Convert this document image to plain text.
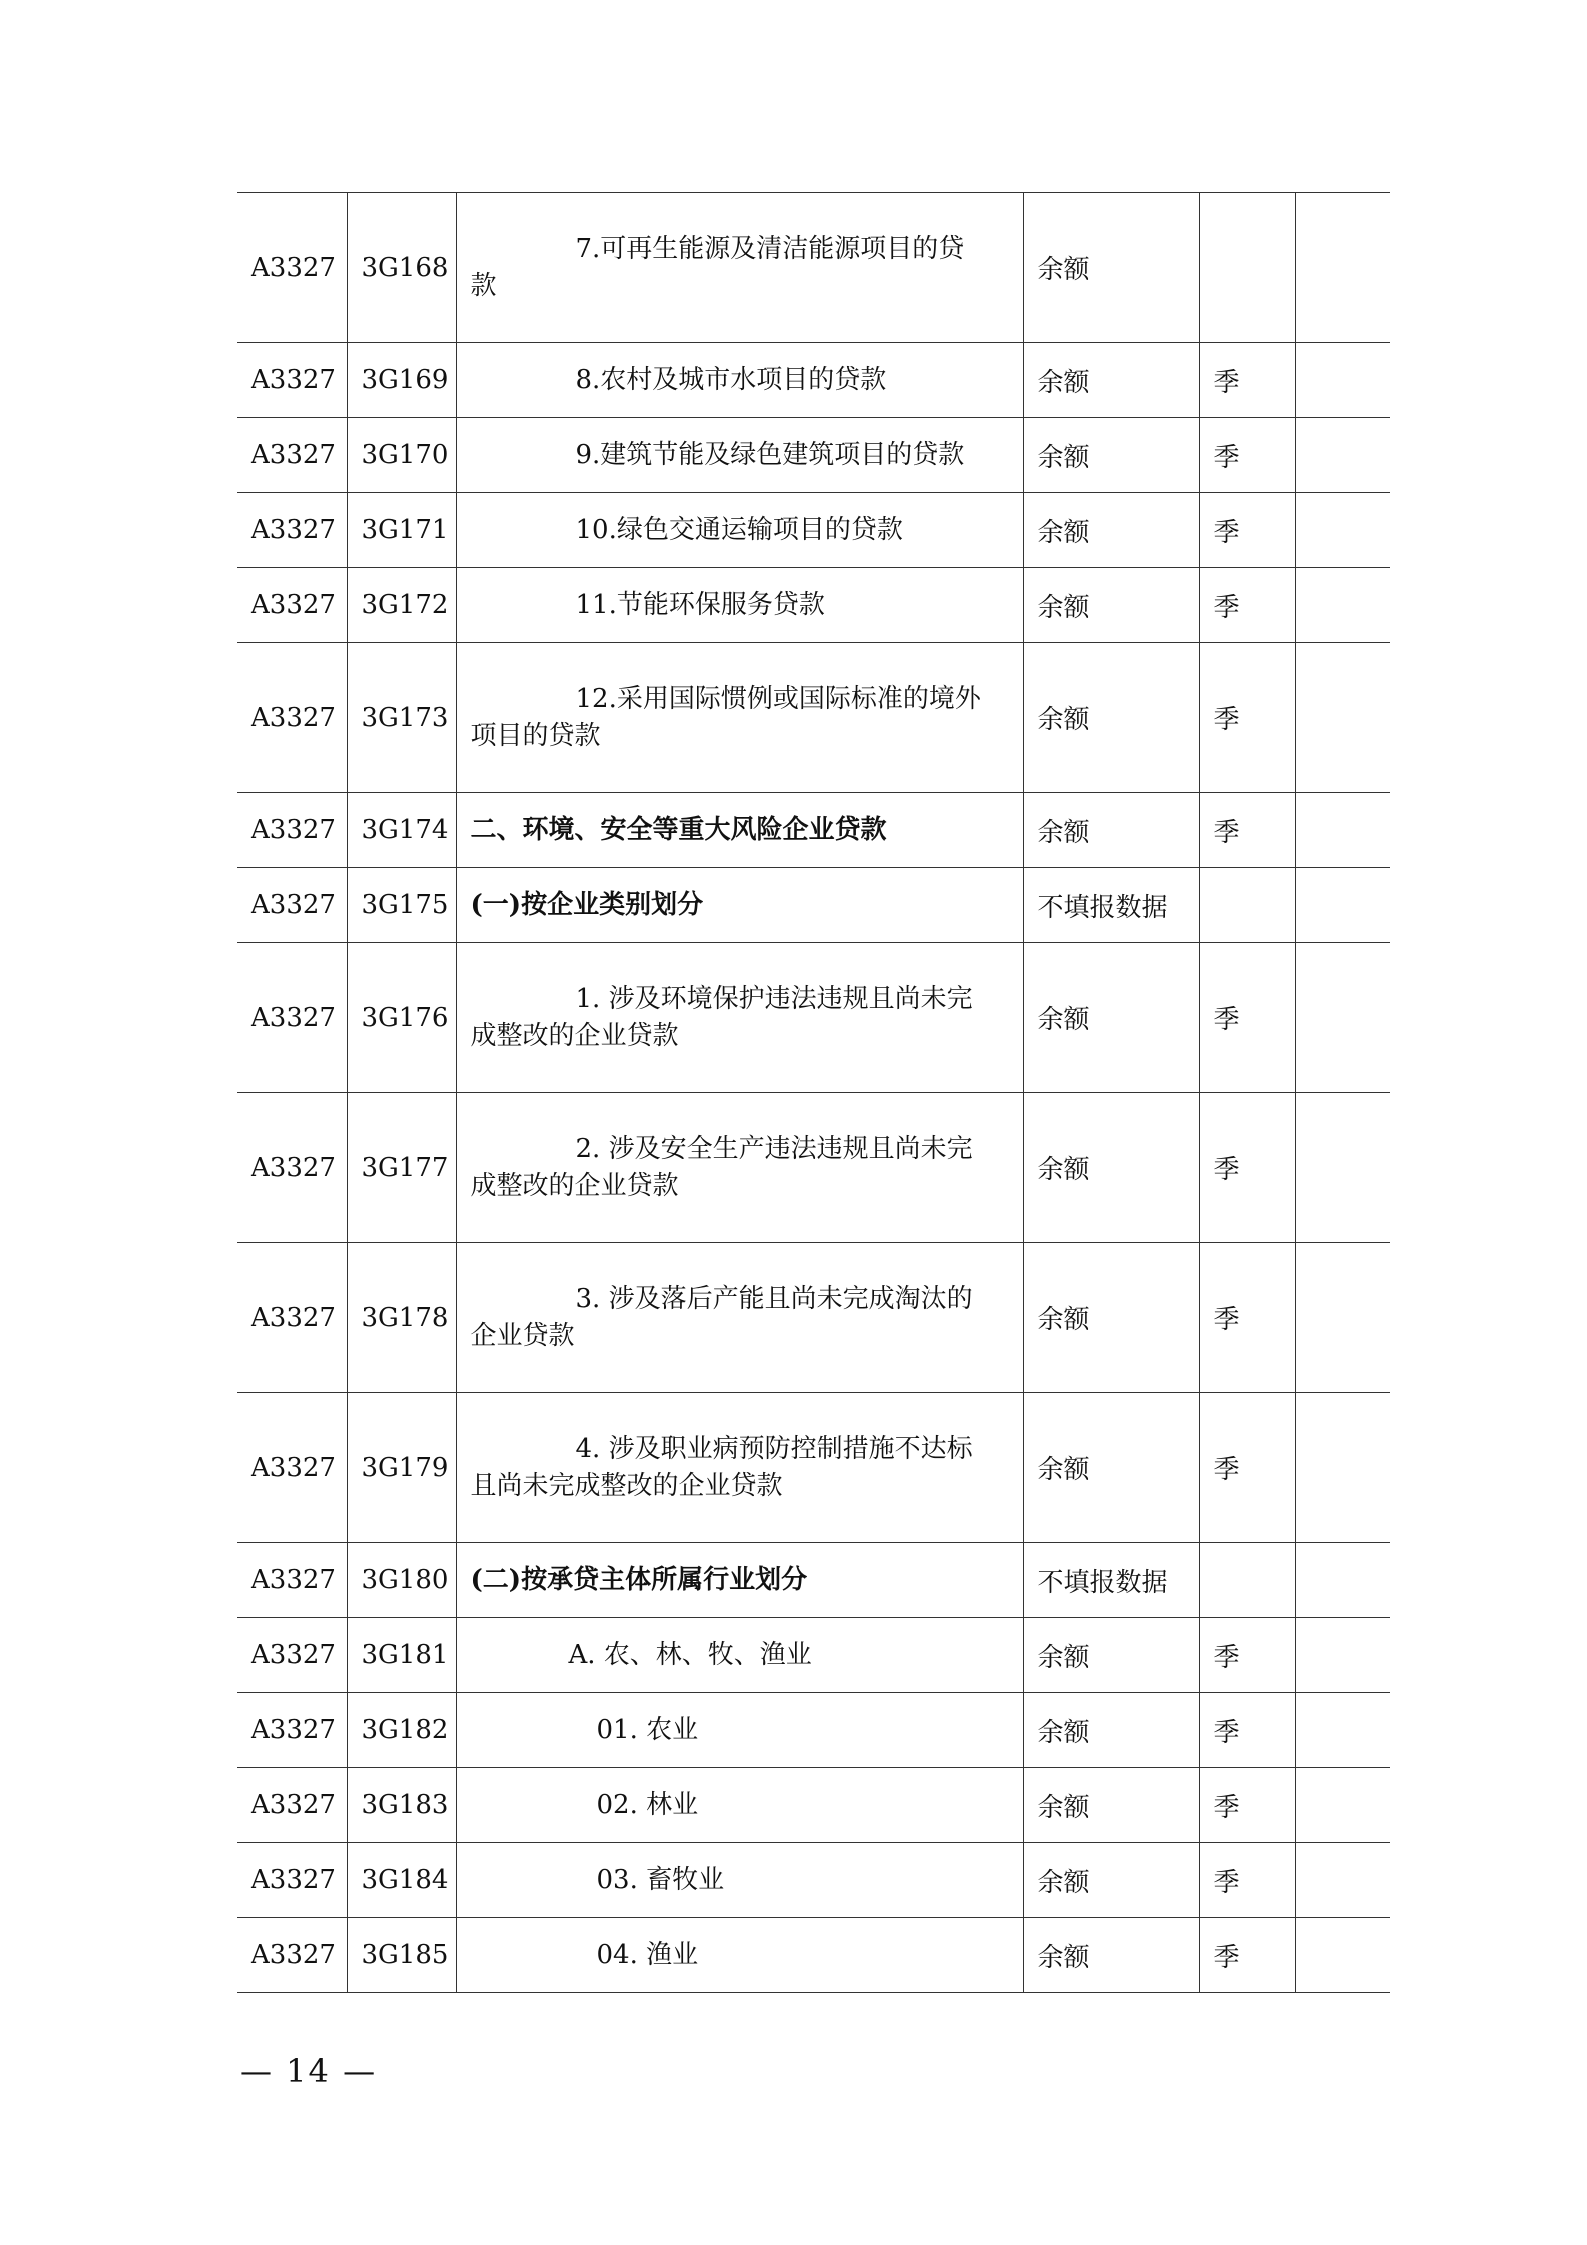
A3327	3G168	7.可再生能源及清洁能源项目的贷
款	余额		
A3327	3G169	8.农村及城市水项目的贷款	余额	季	
A3327	3G170	9.建筑节能及绿色建筑项目的贷款	余额	季	
A3327	3G171	10.绿色交通运输项目的贷款	余额	季	
A3327	3G172	11.节能环保服务贷款	余额	季	
A3327	3G173	12.采用国际惯例或国际标准的境外
项目的贷款	余额	季	
A3327	3G174	二、环境、安全等重大风险企业贷款	余额	季	
A3327	3G175	(一)按企业类别划分	不填报数据		
A3327	3G176	1. 涉及环境保护违法违规且尚未完
成整改的企业贷款	余额	季	
A3327	3G177	2. 涉及安全生产违法违规且尚未完
成整改的企业贷款	余额	季	
A3327	3G178	3. 涉及落后产能且尚未完成淘汰的
企业贷款	余额	季	
A3327	3G179	4. 涉及职业病预防控制措施不达标
且尚未完成整改的企业贷款	余额	季	
A3327	3G180	(二)按承贷主体所属行业划分	不填报数据		
A3327	3G181	A. 农、林、牧、渔业	余额	季	
A3327	3G182	01. 农业	余额	季	
A3327	3G183	02. 林业	余额	季	
A3327	3G184	03. 畜牧业	余额	季	
A3327	3G185	04. 渔业	余额	季	
— 14 —
